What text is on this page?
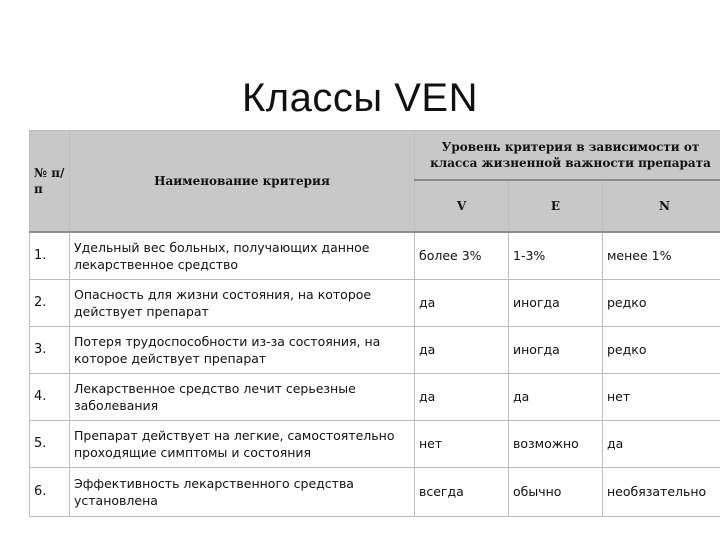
Классы VEN
№ п/п	Наименование критерия	Уровень критерия в зависимости от класса жизненной важности препарата		
		V	E	N
1.	Удельный вес больных, получающих данное лекарственное средство	более 3%	1-3%	менее 1%
2.	Опасность для жизни состояния, на которое действует препарат	да	иногда	редко
3.	Потеря трудоспособности из-за состояния, на которое действует препарат	да	иногда	редко
4.	Лекарственное средство лечит серьезные заболевания	да	да	нет
5.	Препарат действует на легкие, самостоятельно проходящие симптомы и состояния	нет	возможно	да
6.	Эффективность лекарственного средства установлена	всегда	обычно	необязательно
